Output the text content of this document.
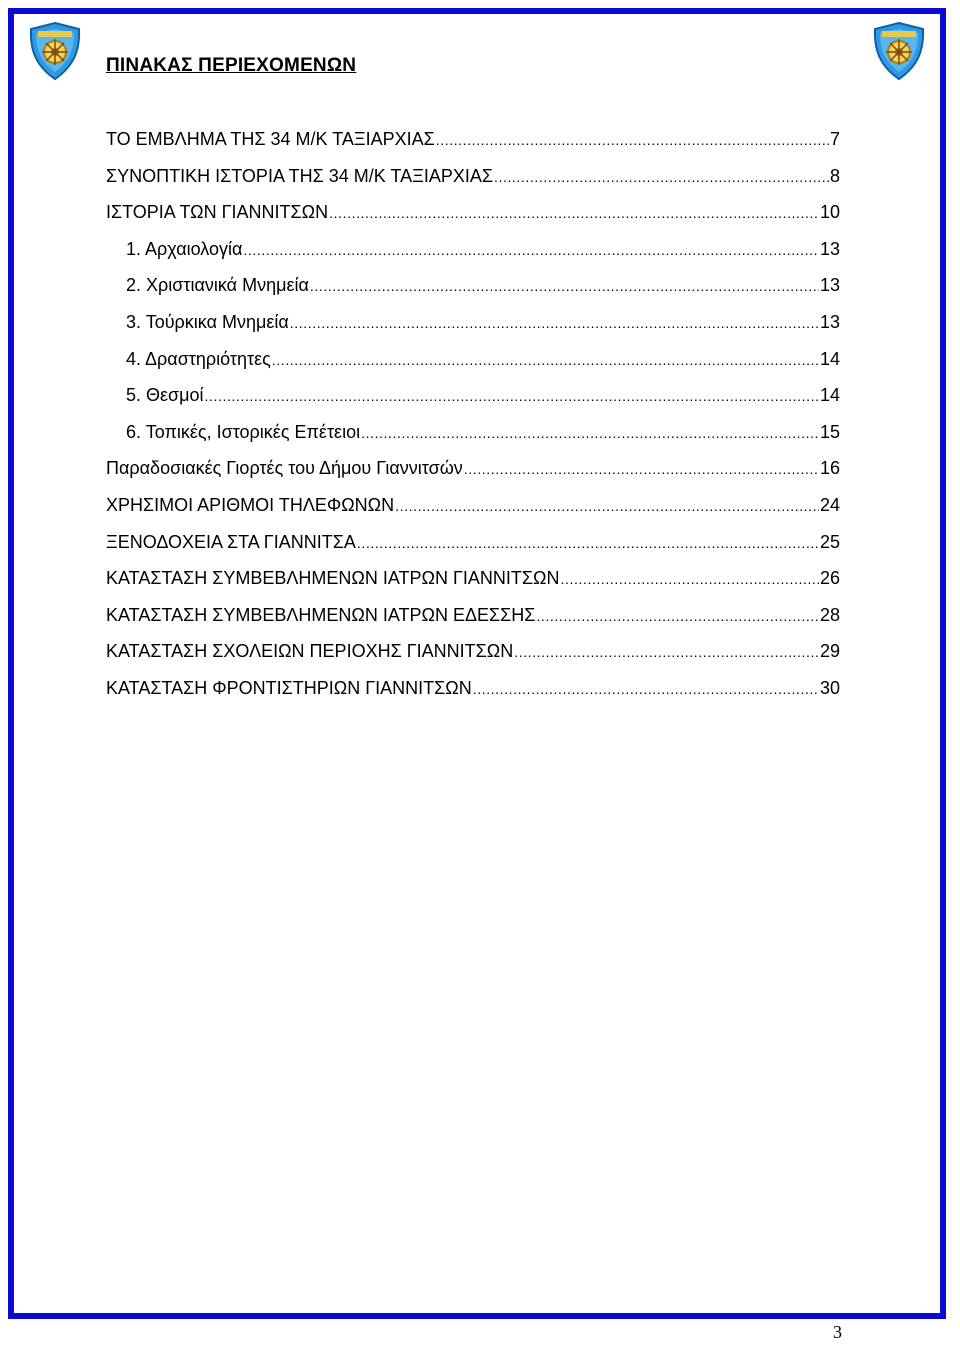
ΠΙΝΑΚΑΣ ΠΕΡΙΕΧΟΜΕΝΩΝ
ΤΟ ΕΜΒΛΗΜΑ ΤΗΣ 34 Μ/Κ ΤΑΞΙΑΡΧΙΑΣ .....	7
ΣΥΝΟΠΤΙΚΗ ΙΣΤΟΡΙΑ ΤΗΣ 34 Μ/Κ ΤΑΞΙΑΡΧΙΑΣ .....	8
ΙΣΤΟΡΙΑ ΤΩΝ ΓΙΑΝΝΙΤΣΩΝ .....	10
1. Αρχαιολογία .....	13
2. Χριστιανικά Μνημεία .....	13
3. Τούρκικα Μνημεία .....	13
4. Δραστηριότητες .....	14
5. Θεσμοί .....	14
6. Τοπικές, Ιστορικές Επέτειοι .....	15
Παραδοσιακές Γιορτές του Δήμου Γιαννιτσών .....	16
ΧΡΗΣΙΜΟΙ ΑΡΙΘΜΟΙ ΤΗΛΕΦΩΝΩΝ .....	24
ΞΕΝΟΔΟΧΕΙΑ ΣΤΑ ΓΙΑΝΝΙΤΣΑ .....	25
ΚΑΤΑΣΤΑΣΗ ΣΥΜΒΕΒΛΗΜΕΝΩΝ ΙΑΤΡΩΝ ΓΙΑΝΝΙΤΣΩΝ .....	26
ΚΑΤΑΣΤΑΣΗ ΣΥΜΒΕΒΛΗΜΕΝΩΝ ΙΑΤΡΩΝ ΕΔΕΣΣΗΣ .....	28
ΚΑΤΑΣΤΑΣΗ ΣΧΟΛΕΙΩΝ ΠΕΡΙΟΧΗΣ ΓΙΑΝΝΙΤΣΩΝ .....	29
ΚΑΤΑΣΤΑΣΗ ΦΡΟΝΤΙΣΤΗΡΙΩΝ ΓΙΑΝΝΙΤΣΩΝ .....	30
3
